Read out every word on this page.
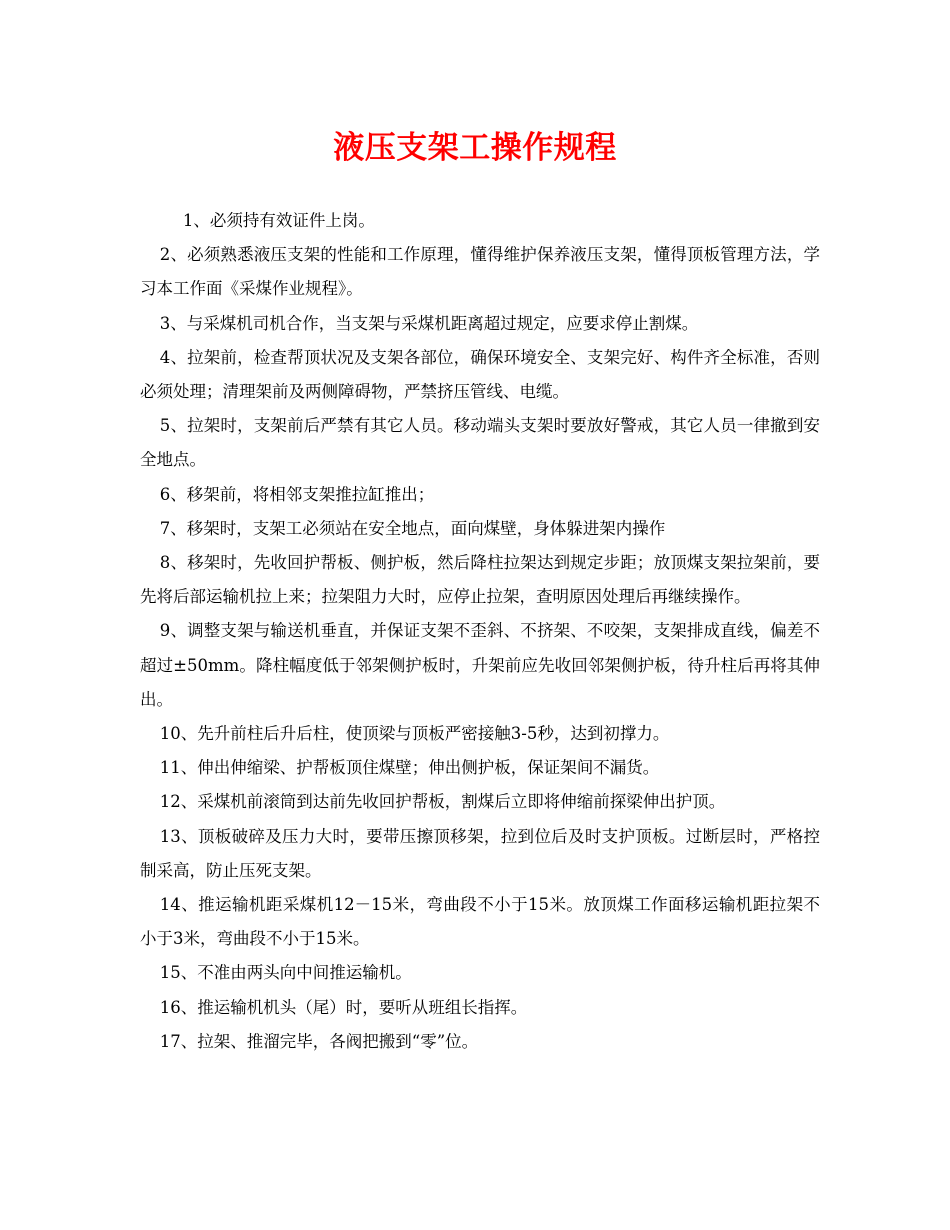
液压支架工操作规程

1、必须持有效证件上岗。

2、必须熟悉液压支架的性能和工作原理，懂得维护保养液压支架，懂得顶板管理方法，学习本工作面《采煤作业规程》。

3、与采煤机司机合作，当支架与采煤机距离超过规定，应要求停止割煤。

4、拉架前，检查帮顶状况及支架各部位，确保环境安全、支架完好、构件齐全标准，否则必须处理；清理架前及两侧障碍物，严禁挤压管线、电缆。

5、拉架时，支架前后严禁有其它人员。移动端头支架时要放好警戒，其它人员一律撤到安全地点。

6、移架前，将相邻支架推拉缸推出；

7、移架时，支架工必须站在安全地点，面向煤壁，身体躲进架内操作

8、移架时，先收回护帮板、侧护板，然后降柱拉架达到规定步距；放顶煤支架拉架前，要先将后部运输机拉上来；拉架阻力大时，应停止拉架，查明原因处理后再继续操作。

9、调整支架与输送机垂直，并保证支架不歪斜、不挤架、不咬架，支架排成直线，偏差不超过±50mm。降柱幅度低于邻架侧护板时，升架前应先收回邻架侧护板，待升柱后再将其伸出。

10、先升前柱后升后柱，使顶梁与顶板严密接触3-5秒，达到初撑力。

11、伸出伸缩梁、护帮板顶住煤壁；伸出侧护板，保证架间不漏货。

12、采煤机前滚筒到达前先收回护帮板，割煤后立即将伸缩前探梁伸出护顶。

13、顶板破碎及压力大时，要带压擦顶移架，拉到位后及时支护顶板。过断层时，严格控制采高，防止压死支架。

14、推运输机距采煤机12－15米，弯曲段不小于15米。放顶煤工作面移运输机距拉架不小于3米，弯曲段不小于15米。

15、不准由两头向中间推运输机。

16、推运输机机头（尾）时，要听从班组长指挥。

17、拉架、推溜完毕，各阀把搬到“零”位。
